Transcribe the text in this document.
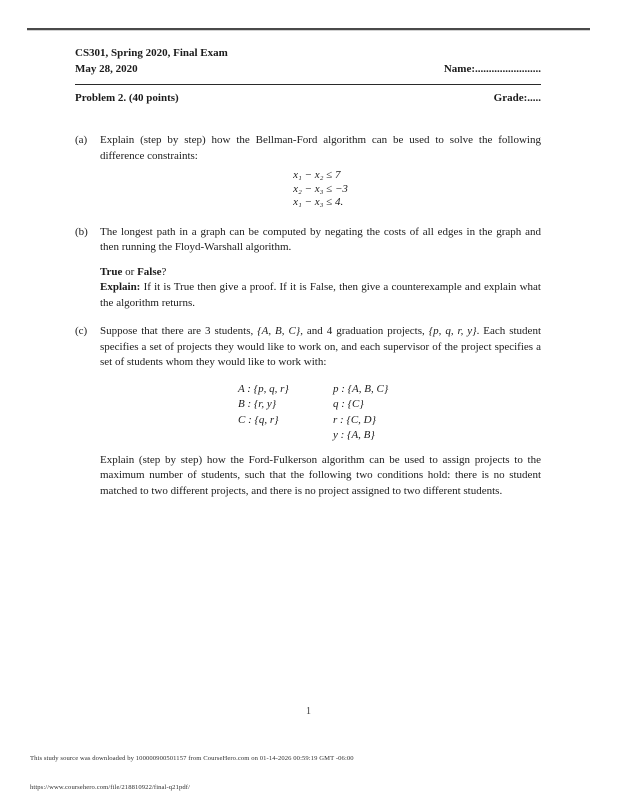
CS301, Spring 2020, Final Exam
May 28, 2020	Name:........................
Problem 2. (40 points)	Grade:.....
(a)	Explain (step by step) how the Bellman-Ford algorithm can be used to solve the following difference constraints:

x₁ − x₂ ≤ 7
x₂ − x₃ ≤ −3
x₁ − x₃ ≤ 4.
(b)	The longest path in a graph can be computed by negating the costs of all edges in the graph and then running the Floyd-Warshall algorithm.

True or False?

Explain: If it is True then give a proof. If it is False, then give a counterexample and explain what the algorithm returns.

(c)	Suppose that there are 3 students, {A, B, C}, and 4 graduation projects, {p, q, r, y}. Each student specifies a set of projects they would like to work on, and each supervisor of the project specifies a set of students whom they would like to work with:

A : {p, q, r}
B : {r, y}
C : {q, r}
p : {A, B, C}
q : {C}
r : {C, D}
y : {A, B}

Explain (step by step) how the Ford-Fulkerson algorithm can be used to assign projects to the maximum number of students, such that the following two conditions hold: there is no student matched to two different projects, and there is no project assigned to two different students.

1
This study source was downloaded by 100000900501157 from CourseHero.com on 01-14-2026 00:59:19 GMT -06:00
https://www.coursehero.com/file/218810922/final-q21pdf/
